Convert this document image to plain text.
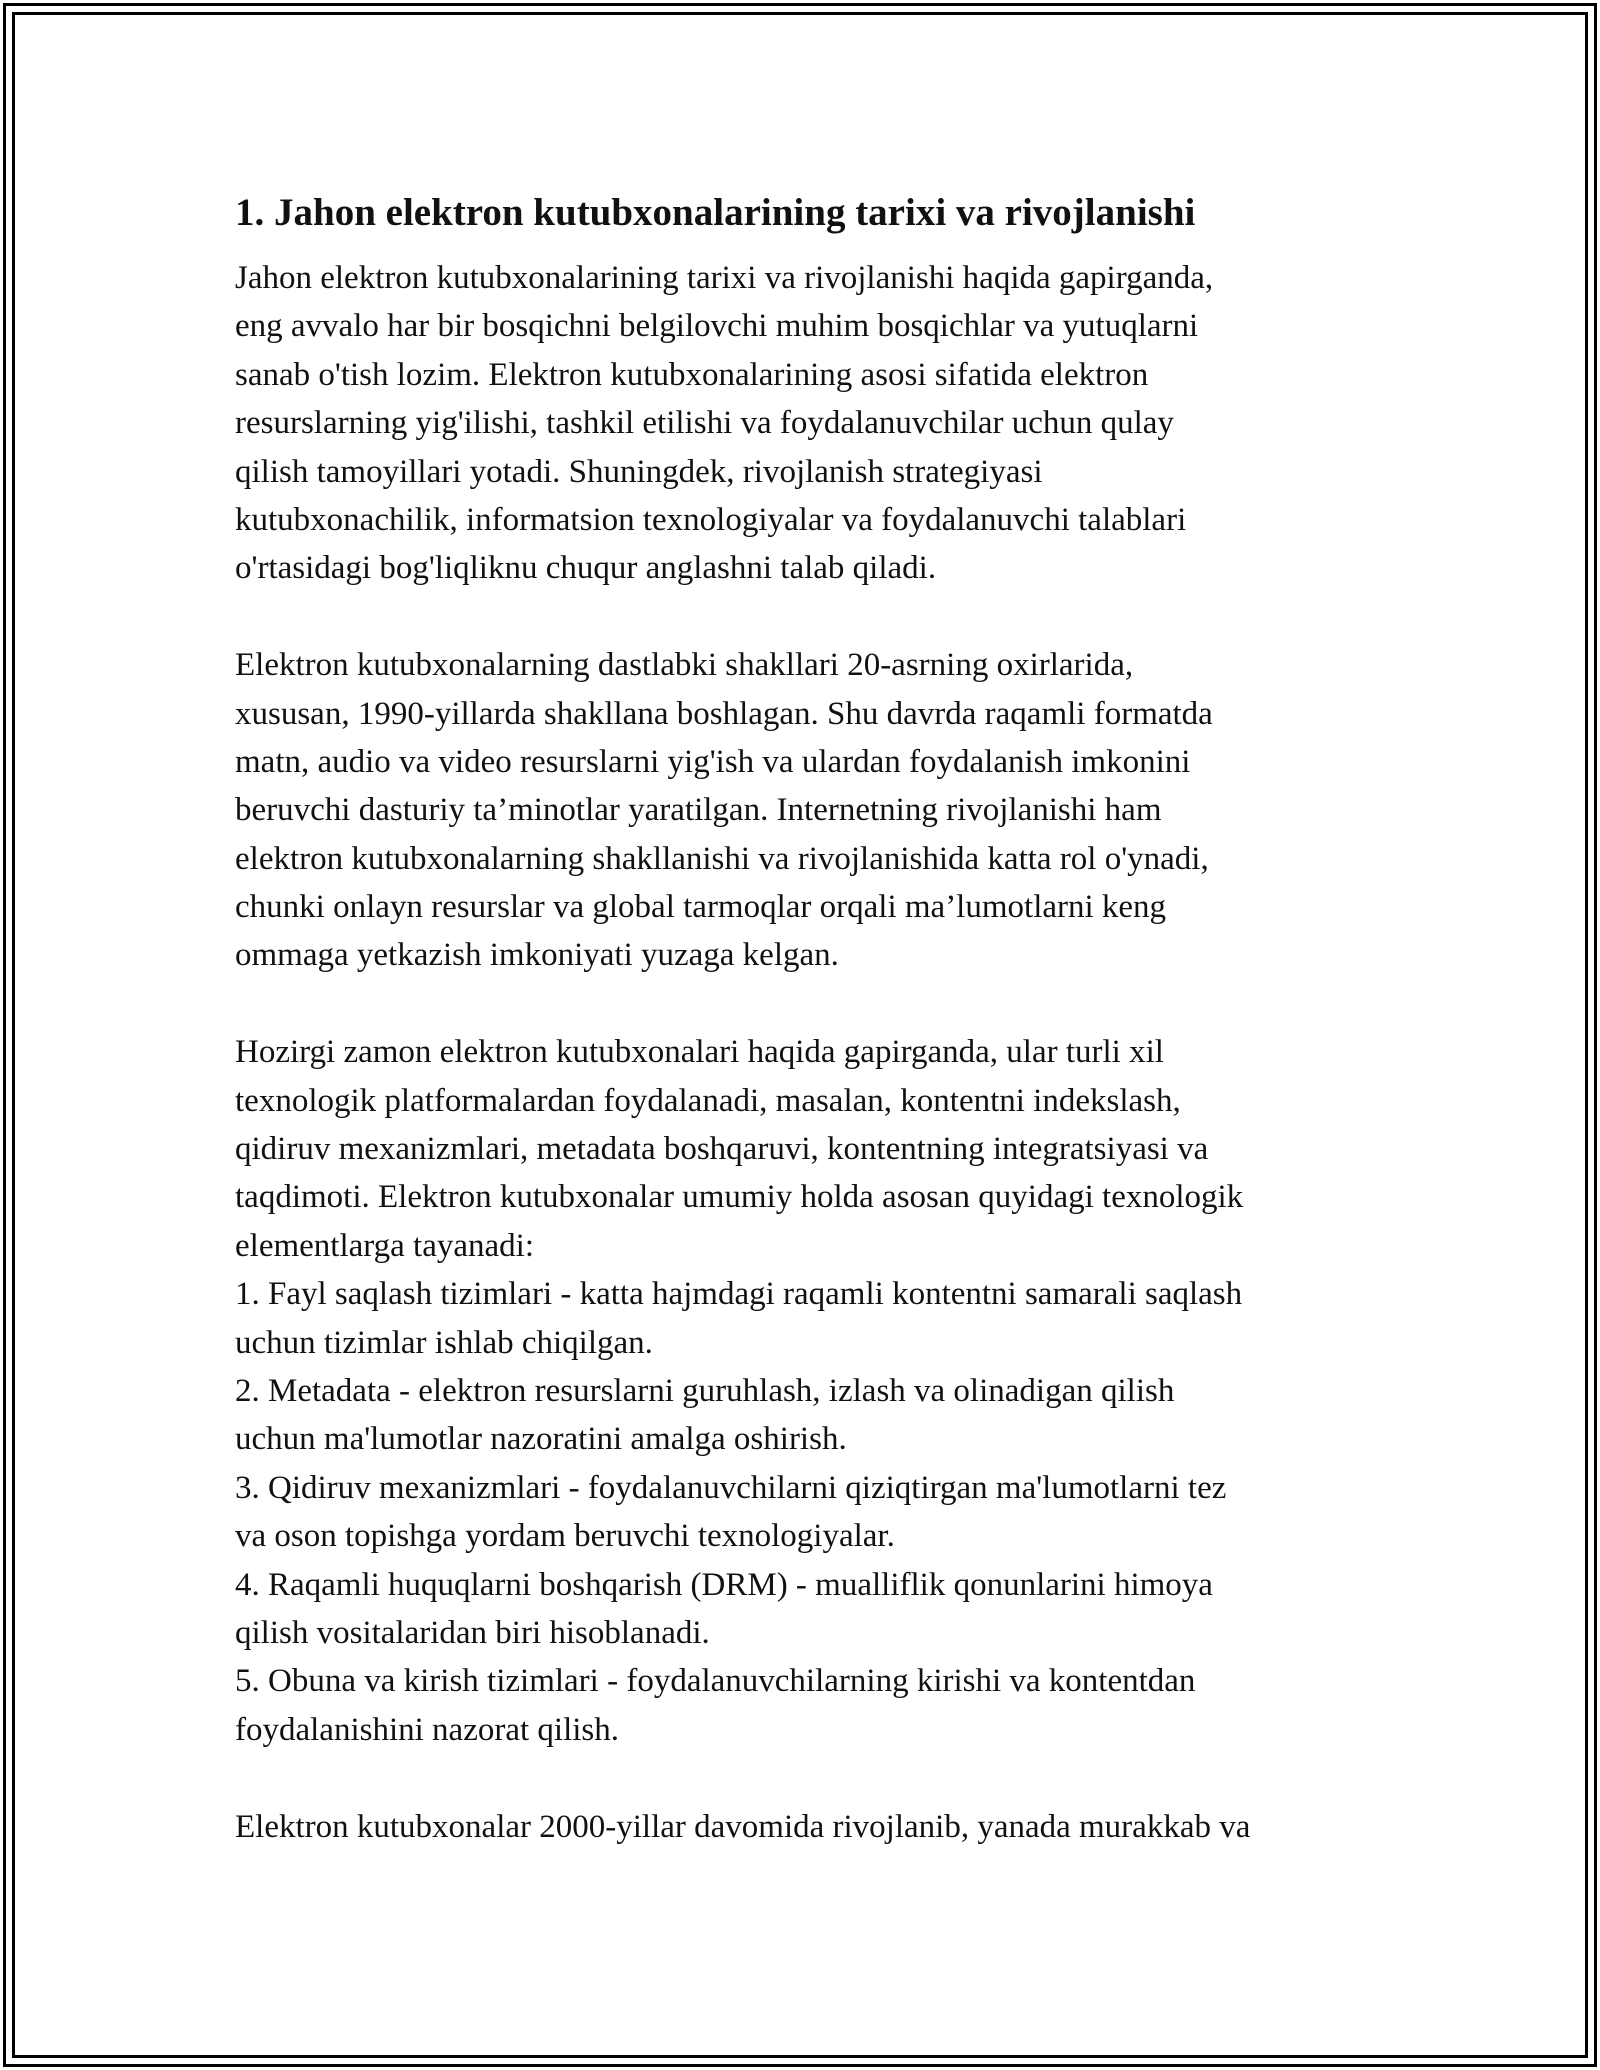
1. Jahon elektron kutubxonalarining tarixi va rivojlanishi
Jahon elektron kutubxonalarining tarixi va rivojlanishi haqida gapirganda,
eng avvalo har bir bosqichni belgilovchi muhim bosqichlar va yutuqlarni
sanab o'tish lozim. Elektron kutubxonalarining asosi sifatida elektron
resurslarning yig'ilishi, tashkil etilishi va foydalanuvchilar uchun qulay
qilish tamoyillari yotadi. Shuningdek, rivojlanish strategiyasi
kutubxonachilik, informatsion texnologiyalar va foydalanuvchi talablari
o'rtasidagi bog'liqliknu chuqur anglashni talab qiladi.
Elektron kutubxonalarning dastlabki shakllari 20-asrning oxirlarida,
xususan, 1990-yillarda shakllana boshlagan. Shu davrda raqamli formatda
matn, audio va video resurslarni yig'ish va ulardan foydalanish imkonini
beruvchi dasturiy ta’minotlar yaratilgan. Internetning rivojlanishi ham
elektron kutubxonalarning shakllanishi va rivojlanishida katta rol o'ynadi,
chunki onlayn resurslar va global tarmoqlar orqali ma’lumotlarni keng
ommaga yetkazish imkoniyati yuzaga kelgan.
Hozirgi zamon elektron kutubxonalari haqida gapirganda, ular turli xil
texnologik platformalardan foydalanadi, masalan, kontentni indekslash,
qidiruv mexanizmlari, metadata boshqaruvi, kontentning integratsiyasi va
taqdimoti. Elektron kutubxonalar umumiy holda asosan quyidagi texnologik
elementlarga tayanadi:
1. Fayl saqlash tizimlari - katta hajmdagi raqamli kontentni samarali saqlash
uchun tizimlar ishlab chiqilgan.
2. Metadata - elektron resurslarni guruhlash, izlash va olinadigan qilish
uchun ma'lumotlar nazoratini amalga oshirish.
3. Qidiruv mexanizmlari - foydalanuvchilarni qiziqtirgan ma'lumotlarni tez
va oson topishga yordam beruvchi texnologiyalar.
4. Raqamli huquqlarni boshqarish (DRM) - mualliflik qonunlarini himoya
qilish vositalaridan biri hisoblanadi.
5. Obuna va kirish tizimlari - foydalanuvchilarning kirishi va kontentdan
foydalanishini nazorat qilish.
Elektron kutubxonalar 2000-yillar davomida rivojlanib, yanada murakkab va
